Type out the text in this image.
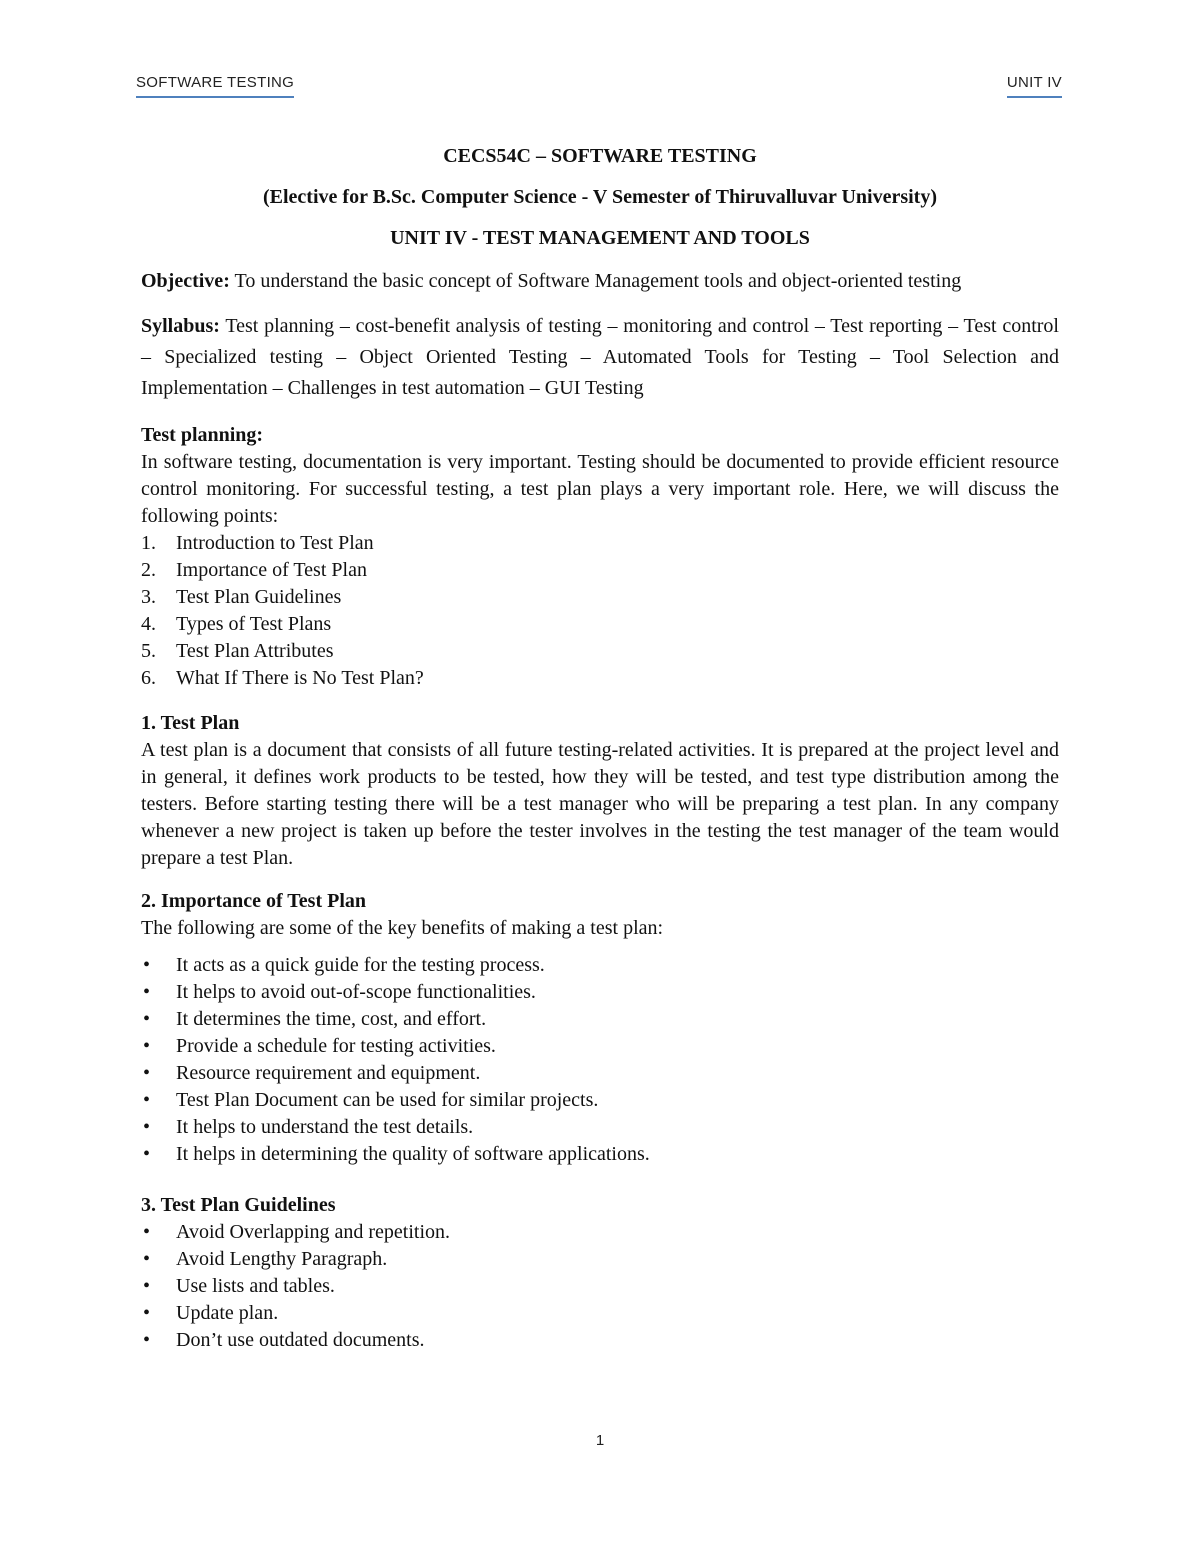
SOFTWARE TESTING	UNIT IV
CECS54C – SOFTWARE TESTING
(Elective for B.Sc. Computer Science - V Semester of Thiruvalluvar University)
UNIT IV - TEST MANAGEMENT AND TOOLS

Objective: To understand the basic concept of Software Management tools and object-oriented testing

Syllabus: Test planning – cost-benefit analysis of testing – monitoring and control – Test reporting – Test control – Specialized testing – Object Oriented Testing – Automated Tools for Testing – Tool Selection and Implementation – Challenges in test automation – GUI Testing

Test planning:

In software testing, documentation is very important. Testing should be documented to provide efficient resource control monitoring. For successful testing, a test plan plays a very important role. Here, we will discuss the following points:

1. Introduction to Test Plan
2. Importance of Test Plan
3. Test Plan Guidelines
4. Types of Test Plans
5. Test Plan Attributes
6. What If There is No Test Plan?
1. Test Plan

A test plan is a document that consists of all future testing-related activities. It is prepared at the project level and in general, it defines work products to be tested, how they will be tested, and test type distribution among the testers. Before starting testing there will be a test manager who will be preparing a test plan. In any company whenever a new project is taken up before the tester involves in the testing the test manager of the team would prepare a test Plan.

2. Importance of Test Plan

The following are some of the key benefits of making a test plan:

• It acts as a quick guide for the testing process.
• It helps to avoid out-of-scope functionalities.
• It determines the time, cost, and effort.
• Provide a schedule for testing activities.
• Resource requirement and equipment.
• Test Plan Document can be used for similar projects.
• It helps to understand the test details.
• It helps in determining the quality of software applications.
3. Test Plan Guidelines
• Avoid Overlapping and repetition.
• Avoid Lengthy Paragraph.
• Use lists and tables.
• Update plan.
• Don’t use outdated documents.
1
